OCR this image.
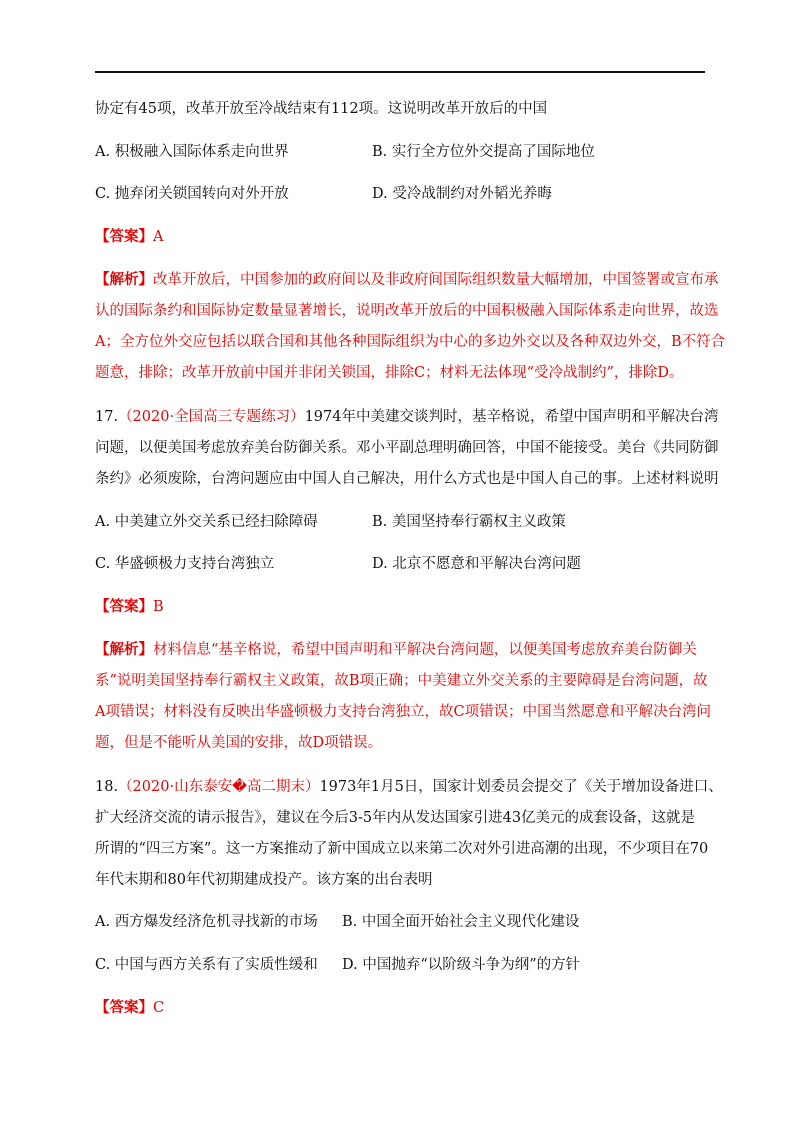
协定有45项，改革开放至冷战结束有112项。这说明改革开放后的中国
A. 积极融入国际体系走向世界	B. 实行全方位外交提高了国际地位
C. 抛弃闭关锁国转向对外开放	D. 受冷战制约对外韬光养晦
【答案】A
【解析】改革开放后，中国参加的政府间以及非政府间国际组织数量大幅增加，中国签署或宣布承
认的国际条约和国际协定数量显著增长，说明改革开放后的中国积极融入国际体系走向世界，故选
A；全方位外交应包括以联合国和其他各种国际组织为中心的多边外交以及各种双边外交，B不符合
题意，排除；改革开放前中国并非闭关锁国，排除C；材料无法体现“受冷战制约”，排除D。
17.（2020·全国高三专题练习）1974年中美建交谈判时，基辛格说，希望中国声明和平解决台湾
问题，以便美国考虑放弃美台防御关系。邓小平副总理明确回答，中国不能接受。美台《共同防御
条约》必须废除，台湾问题应由中国人自己解决，用什么方式也是中国人自己的事。上述材料说明
A. 中美建立外交关系已经扫除障碍	B. 美国坚持奉行霸权主义政策
C. 华盛顿极力支持台湾独立	D. 北京不愿意和平解决台湾问题
【答案】B
【解析】材料信息“基辛格说，希望中国声明和平解决台湾问题，以便美国考虑放弃美台防御关
系”说明美国坚持奉行霸权主义政策，故B项正确；中美建立外交关系的主要障碍是台湾问题，故
A项错误；材料没有反映出华盛顿极力支持台湾独立，故C项错误；中国当然愿意和平解决台湾问
题，但是不能听从美国的安排，故D项错误。
18.（2020·山东泰安�高二期末）1973年1月5日，国家计划委员会提交了《关于增加设备进口、
扩大经济交流的请示报告》，建议在今后3-5年内从发达国家引进43亿美元的成套设备，这就是
所谓的“四三方案”。这一方案推动了新中国成立以来第二次对外引进高潮的出现，不少项目在70
年代末期和80年代初期建成投产。该方案的出台表明
A. 西方爆发经济危机寻找新的市场 B. 中国全面开始社会主义现代化建设
C. 中国与西方关系有了实质性缓和 D. 中国抛弃“以阶级斗争为纲”的方针
【答案】C
